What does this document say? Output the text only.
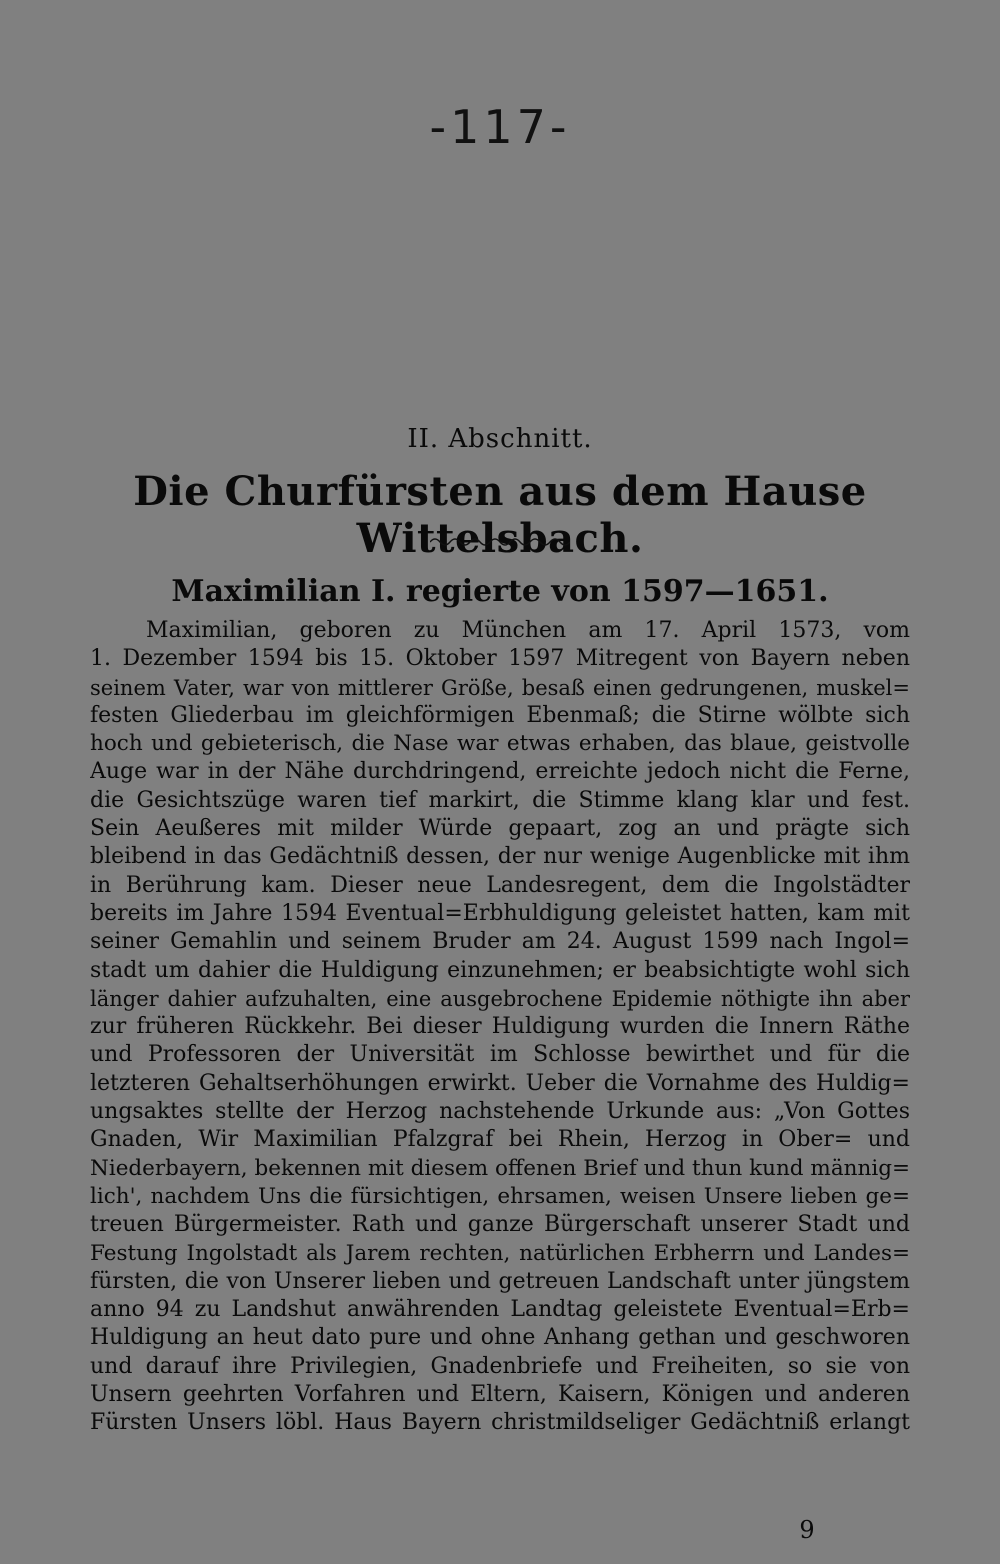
-117-
II. Abschnitt.
Die Churfürsten aus dem Hause Wittelsbach.
Maximilian I. regierte von 1597—1651.
Maximilian, geboren zu München am 17. April 1573, vom
1. Dezember 1594 bis 15. Oktober 1597 Mitregent von Bayern neben
seinem Vater, war von mittlerer Größe, besaß einen gedrungenen, muskel=
festen Gliederbau im gleichförmigen Ebenmaß; die Stirne wölbte sich
hoch und gebieterisch, die Nase war etwas erhaben, das blaue, geistvolle
Auge war in der Nähe durchdringend, erreichte jedoch nicht die Ferne,
die Gesichtszüge waren tief markirt, die Stimme klang klar und fest.
Sein Aeußeres mit milder Würde gepaart, zog an und prägte sich
bleibend in das Gedächtniß dessen, der nur wenige Augenblicke mit ihm
in Berührung kam. Dieser neue Landesregent, dem die Ingolstädter
bereits im Jahre 1594 Eventual=Erbhuldigung geleistet hatten, kam mit
seiner Gemahlin und seinem Bruder am 24. August 1599 nach Ingol=
stadt um dahier die Huldigung einzunehmen; er beabsichtigte wohl sich
länger dahier aufzuhalten, eine ausgebrochene Epidemie nöthigte ihn aber
zur früheren Rückkehr. Bei dieser Huldigung wurden die Innern Räthe
und Professoren der Universität im Schlosse bewirthet und für die
letzteren Gehaltserhöhungen erwirkt. Ueber die Vornahme des Huldig=
ungsaktes stellte der Herzog nachstehende Urkunde aus: „Von Gottes
Gnaden, Wir Maximilian Pfalzgraf bei Rhein, Herzog in Ober= und
Niederbayern, bekennen mit diesem offenen Brief und thun kund männig=
lich', nachdem Uns die fürsichtigen, ehrsamen, weisen Unsere lieben ge=
treuen Bürgermeister. Rath und ganze Bürgerschaft unserer Stadt und
Festung Ingolstadt als Jarem rechten, natürlichen Erbherrn und Landes=
fürsten, die von Unserer lieben und getreuen Landschaft unter jüngstem
anno 94 zu Landshut anwährenden Landtag geleistete Eventual=Erb=
Huldigung an heut dato pure und ohne Anhang gethan und geschworen
und darauf ihre Privilegien, Gnadenbriefe und Freiheiten, so sie von
Unsern geehrten Vorfahren und Eltern, Kaisern, Königen und anderen
Fürsten Unsers löbl. Haus Bayern christmildseliger Gedächtniß erlangt
9
